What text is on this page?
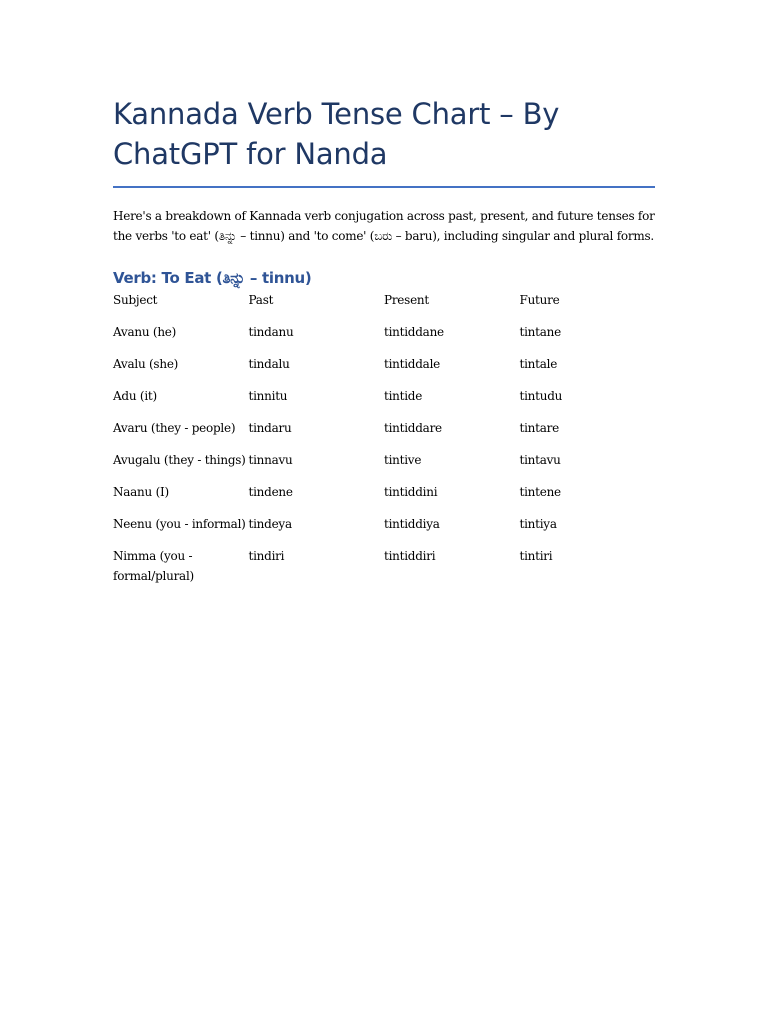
Kannada Verb Tense Chart – By ChatGPT for Nanda

Here's a breakdown of Kannada verb conjugation across past, present, and future tenses for the verbs 'to eat' (ತಿನ್ನು – tinnu) and 'to come' (ಬರು – baru), including singular and plural forms.

Verb: To Eat (ತಿನ್ನು – tinnu)
Subject	Past	Present	Future
Avanu (he)	tindanu	tintiddane	tintane
Avalu (she)	tindalu	tintiddale	tintale
Adu (it)	tinnitu	tintide	tintudu
Avaru (they - people)	tindaru	tintiddare	tintare
Avugalu (they - things)	tinnavu	tintive	tintavu
Naanu (I)	tindene	tintiddini	tintene
Neenu (you - informal)	tindeya	tintiddiya	tintiya
Nimma (you - formal/plural)	tindiri	tintiddiri	tintiri
